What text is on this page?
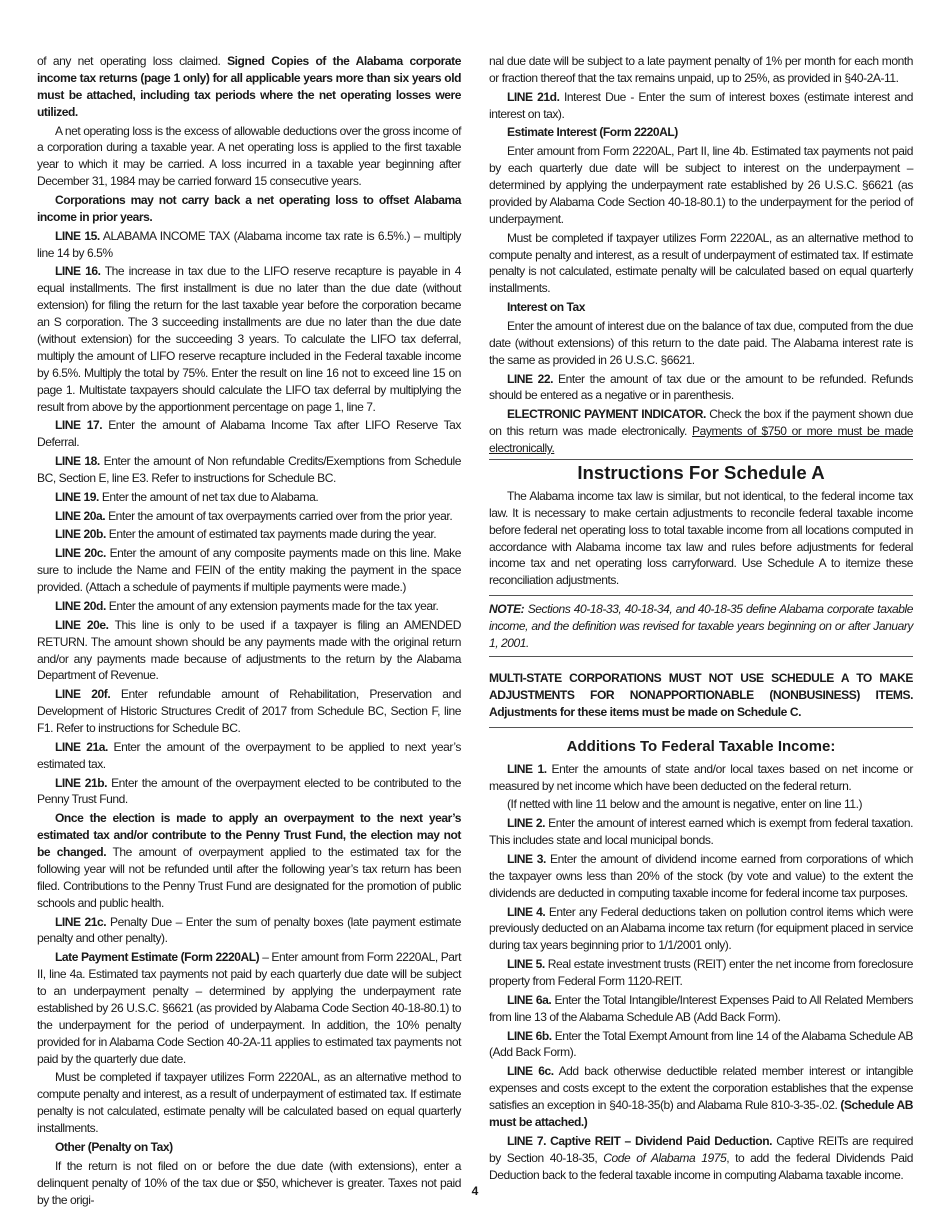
of any net operating loss claimed. Signed Copies of the Alabama corporate income tax returns (page 1 only) for all applicable years more than six years old must be attached, including tax periods where the net operating losses were utilized.

A net operating loss is the excess of allowable deductions over the gross income of a corporation during a taxable year. A net operating loss is applied to the first taxable year to which it may be carried. A loss incurred in a taxable year beginning after December 31, 1984 may be carried forward 15 consecutive years.

Corporations may not carry back a net operating loss to offset Alabama income in prior years.

LINE 15. ALABAMA INCOME TAX (Alabama income tax rate is 6.5%.) – multiply line 14 by 6.5%

LINE 16. The increase in tax due to the LIFO reserve recapture is payable in 4 equal installments. The first installment is due no later than the due date (without extension) for filing the return for the last taxable year before the corporation became an S corporation. The 3 succeeding installments are due no later than the due date (without extension) for the succeeding 3 years. To calculate the LIFO tax deferral, multiply the amount of LIFO reserve recapture included in the Federal taxable income by 6.5%. Multiply the total by 75%. Enter the result on line 16 not to exceed line 15 on page 1. Multistate taxpayers should calculate the LIFO tax deferral by multiplying the result from above by the apportionment percentage on page 1, line 7.

LINE 17. Enter the amount of Alabama Income Tax after LIFO Reserve Tax Deferral.

LINE 18. Enter the amount of Non refundable Credits/Exemptions from Schedule BC, Section E, line E3. Refer to instructions for Schedule BC.

LINE 19. Enter the amount of net tax due to Alabama.

LINE 20a. Enter the amount of tax overpayments carried over from the prior year.

LINE 20b. Enter the amount of estimated tax payments made during the year.

LINE 20c. Enter the amount of any composite payments made on this line. Make sure to include the Name and FEIN of the entity making the payment in the space provided. (Attach a schedule of payments if multiple payments were made.)

LINE 20d. Enter the amount of any extension payments made for the tax year.

LINE 20e. This line is only to be used if a taxpayer is filing an AMENDED RETURN. The amount shown should be any payments made with the original return and/or any payments made because of adjustments to the return by the Alabama Department of Revenue.

LINE 20f. Enter refundable amount of Rehabilitation, Preservation and Development of Historic Structures Credit of 2017 from Schedule BC, Section F, line F1. Refer to instructions for Schedule BC.

LINE 21a. Enter the amount of the overpayment to be applied to next year’s estimated tax.

LINE 21b. Enter the amount of the overpayment elected to be contributed to the Penny Trust Fund.

Once the election is made to apply an overpayment to the next year’s estimated tax and/or contribute to the Penny Trust Fund, the election may not be changed. The amount of overpayment applied to the estimated tax for the following year will not be refunded until after the following year’s tax return has been filed. Contributions to the Penny Trust Fund are designated for the promotion of public schools and public health.

LINE 21c. Penalty Due – Enter the sum of penalty boxes (late payment estimate penalty and other penalty).

Late Payment Estimate (Form 2220AL) – Enter amount from Form 2220AL, Part II, line 4a. Estimated tax payments not paid by each quarterly due date will be subject to an underpayment penalty – determined by applying the underpayment rate established by 26 U.S.C. §6621 (as provided by Alabama Code Section 40-18-80.1) to the underpayment for the period of underpayment. In addition, the 10% penalty provided for in Alabama Code Section 40-2A-11 applies to estimated tax payments not paid by the quarterly due date.

Must be completed if taxpayer utilizes Form 2220AL, as an alternative method to compute penalty and interest, as a result of underpayment of estimated tax. If estimate penalty is not calculated, estimate penalty will be calculated based on equal quarterly installments.

Other (Penalty on Tax)

If the return is not filed on or before the due date (with extensions), enter a delinquent penalty of 10% of the tax due or $50, whichever is greater. Taxes not paid by the origi-

nal due date will be subject to a late payment penalty of 1% per month for each month or fraction thereof that the tax remains unpaid, up to 25%, as provided in §40-2A-11.

LINE 21d. Interest Due - Enter the sum of interest boxes (estimate interest and interest on tax).

Estimate Interest (Form 2220AL)

Enter amount from Form 2220AL, Part II, line 4b. Estimated tax payments not paid by each quarterly due date will be subject to interest on the underpayment – determined by applying the underpayment rate established by 26 U.S.C. §6621 (as provided by Alabama Code Section 40-18-80.1) to the underpayment for the period of underpayment.

Must be completed if taxpayer utilizes Form 2220AL, as an alternative method to compute penalty and interest, as a result of underpayment of estimated tax. If estimate penalty is not calculated, estimate penalty will be calculated based on equal quarterly installments.

Interest on Tax

Enter the amount of interest due on the balance of tax due, computed from the due date (without extensions) of this return to the date paid. The Alabama interest rate is the same as provided in 26 U.S.C. §6621.

LINE 22. Enter the amount of tax due or the amount to be refunded. Refunds should be entered as a negative or in parenthesis.

ELECTRONIC PAYMENT INDICATOR. Check the box if the payment shown due on this return was made electronically. Payments of $750 or more must be made electronically.

Instructions For Schedule A

The Alabama income tax law is similar, but not identical, to the federal income tax law. It is necessary to make certain adjustments to reconcile federal taxable income before federal net operating loss to total taxable income from all locations computed in accordance with Alabama income tax law and rules before adjustments for federal income tax and net operating loss carryforward. Use Schedule A to itemize these reconciliation adjustments.

NOTE: Sections 40-18-33, 40-18-34, and 40-18-35 define Alabama corporate taxable income, and the definition was revised for taxable years beginning on or after January 1, 2001.

MULTI-STATE CORPORATIONS MUST NOT USE SCHEDULE A TO MAKE ADJUSTMENTS FOR NONAPPORTIONABLE (NONBUSINESS) ITEMS. Adjustments for these items must be made on Schedule C.

Additions To Federal Taxable Income:

LINE 1. Enter the amounts of state and/or local taxes based on net income or measured by net income which have been deducted on the federal return.

(If netted with line 11 below and the amount is negative, enter on line 11.)

LINE 2. Enter the amount of interest earned which is exempt from federal taxation. This includes state and local municipal bonds.

LINE 3. Enter the amount of dividend income earned from corporations of which the taxpayer owns less than 20% of the stock (by vote and value) to the extent the dividends are deducted in computing taxable income for federal income tax purposes.

LINE 4. Enter any Federal deductions taken on pollution control items which were previously deducted on an Alabama income tax return (for equipment placed in service during tax years beginning prior to 1/1/2001 only).

LINE 5. Real estate investment trusts (REIT) enter the net income from foreclosure property from Federal Form 1120-REIT.

LINE 6a. Enter the Total Intangible/Interest Expenses Paid to All Related Members from line 13 of the Alabama Schedule AB (Add Back Form).

LINE 6b. Enter the Total Exempt Amount from line 14 of the Alabama Schedule AB (Add Back Form).

LINE 6c. Add back otherwise deductible related member interest or intangible expenses and costs except to the extent the corporation establishes that the expense satisfies an exception in §40-18-35(b) and Alabama Rule 810-3-35-.02. (Schedule AB must be attached.)

LINE 7. Captive REIT – Dividend Paid Deduction. Captive REITs are required by Section 40-18-35, Code of Alabama 1975, to add the federal Dividends Paid Deduction back to the federal taxable income in computing Alabama taxable income.

4
